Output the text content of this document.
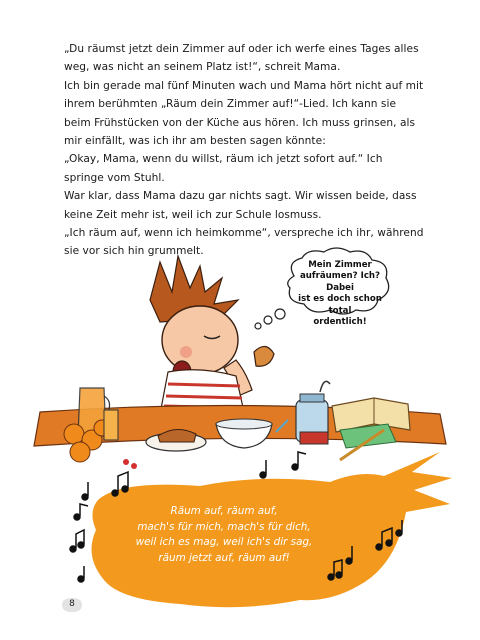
„Du räumst jetzt dein Zimmer auf oder ich werfe eines Tages alles weg, was nicht an seinem Platz ist!“, schreit Mama.

Ich bin gerade mal fünf Minuten wach und Mama hört nicht auf mit ihrem berühmten „Räum dein Zimmer auf!“-Lied. Ich kann sie beim Frühstücken von der Küche aus hören. Ich muss grinsen, als mir einfällt, was ich ihr am besten sagen könnte:

„Okay, Mama, wenn du willst, räum ich jetzt sofort auf.“ Ich springe vom Stuhl.

War klar, dass Mama dazu gar nichts sagt. Wir wissen beide, dass keine Zeit mehr ist, weil ich zur Schule losmuss.

„Ich räum auf, wenn ich heimkomme“, verspreche ich ihr, während sie vor sich hin grummelt.

Mein Zimmer
aufräumen? Ich? Dabei
ist es doch schon total
ordentlich!

Räum auf, räum auf,

mach's für mich, mach's für dich,

weil ich es mag, weil ich's dir sag,

räum jetzt auf, räum auf!

8
